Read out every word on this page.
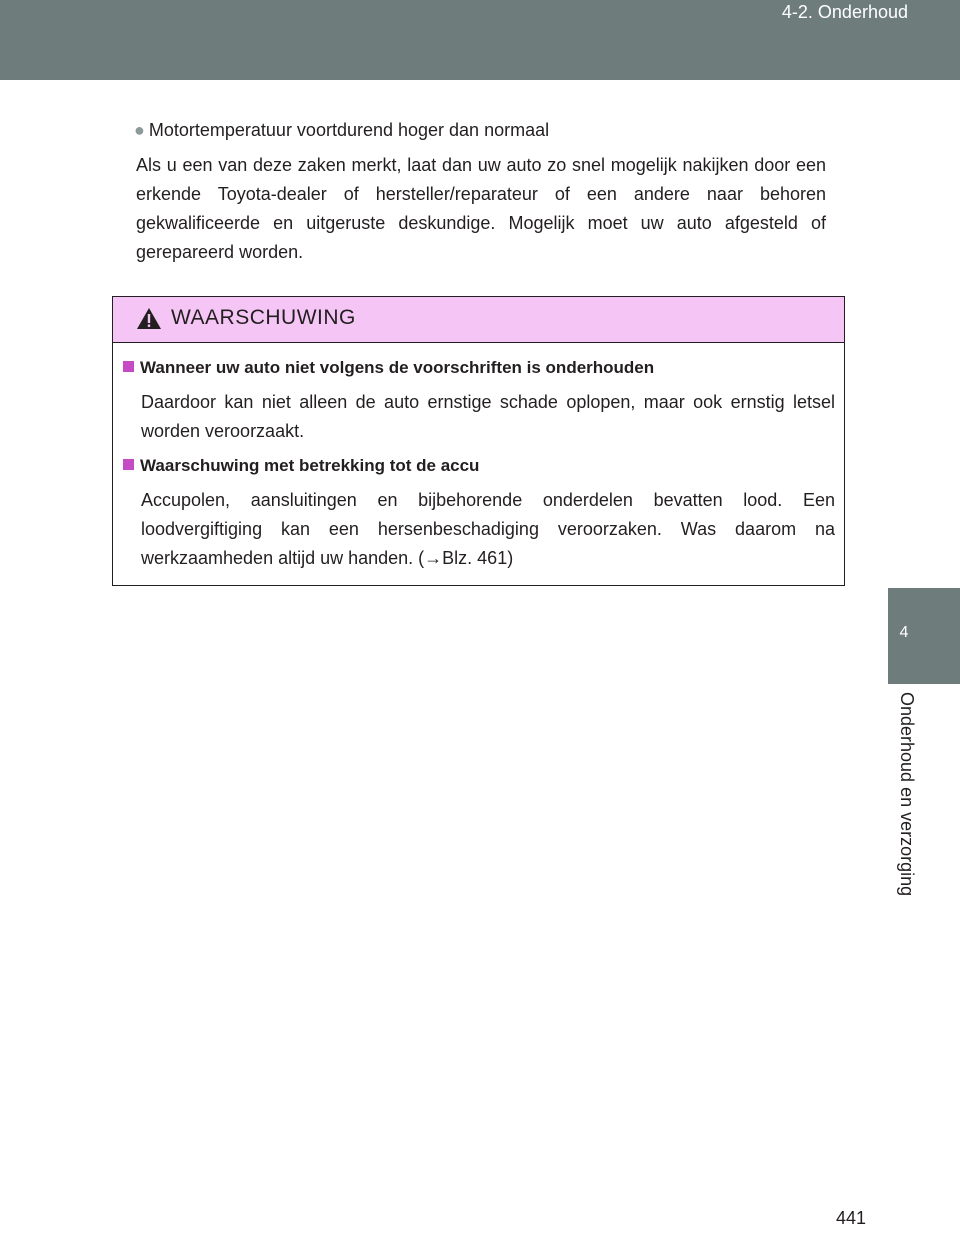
4-2. Onderhoud
4
Onderhoud en verzorging
● Motortemperatuur voortdurend hoger dan normaal
Als u een van deze zaken merkt, laat dan uw auto zo snel mogelijk nakijken door een erkende Toyota-dealer of hersteller/reparateur of een andere naar behoren gekwalificeerde en uitgeruste deskundige. Mogelijk moet uw auto afgesteld of gerepareerd worden.
WAARSCHUWING
Wanneer uw auto niet volgens de voorschriften is onderhouden
Daardoor kan niet alleen de auto ernstige schade oplopen, maar ook ernstig letsel worden veroorzaakt.
Waarschuwing met betrekking tot de accu
Accupolen, aansluitingen en bijbehorende onderdelen bevatten lood. Een loodvergiftiging kan een hersenbeschadiging veroorzaken. Was daarom na werkzaamheden altijd uw handen. (→Blz. 461)
441
